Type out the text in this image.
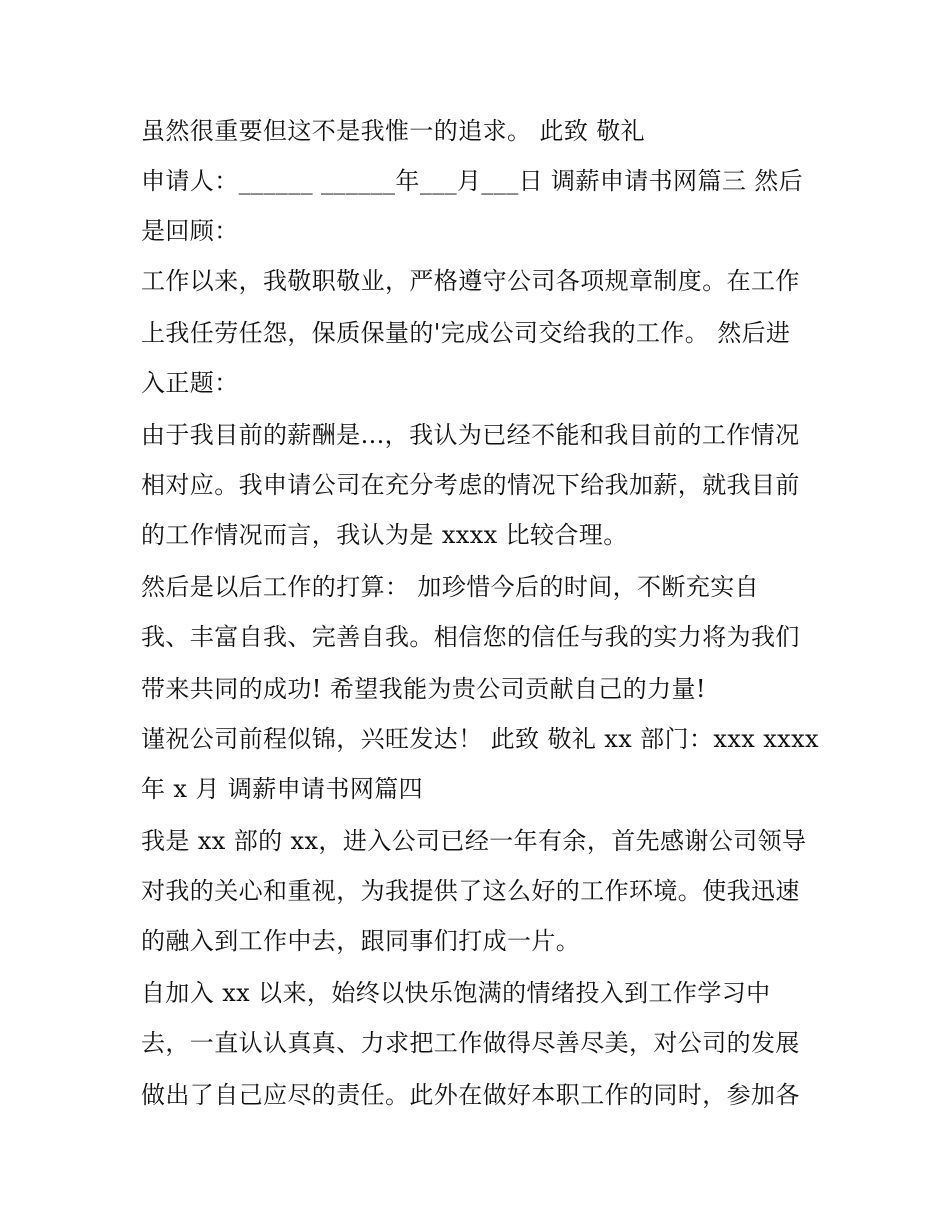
虽然很重要但这不是我惟一的追求。 此致 敬礼
申请人：______ ______年___月___日 调薪申请书网篇三 然后
是回顾：
工作以来，我敬职敬业，严格遵守公司各项规章制度。在工作
上我任劳任怨，保质保量的'完成公司交给我的工作。 然后进
入正题：
由于我目前的薪酬是...，我认为已经不能和我目前的工作情况
相对应。我申请公司在充分考虑的情况下给我加薪，就我目前
的工作情况而言，我认为是 xxxx 比较合理。
然后是以后工作的打算： 加珍惜今后的时间，不断充实自
我、丰富自我、完善自我。相信您的信任与我的实力将为我们
带来共同的成功! 希望我能为贵公司贡献自己的力量!
谨祝公司前程似锦，兴旺发达！ 此致 敬礼 xx 部门：xxx xxxx
年 x 月 调薪申请书网篇四
我是 xx 部的 xx，进入公司已经一年有余，首先感谢公司领导
对我的关心和重视，为我提供了这么好的工作环境。使我迅速
的融入到工作中去，跟同事们打成一片。
自加入 xx 以来，始终以快乐饱满的情绪投入到工作学习中
去，一直认认真真、力求把工作做得尽善尽美，对公司的发展
做出了自己应尽的责任。此外在做好本职工作的同时，参加各
